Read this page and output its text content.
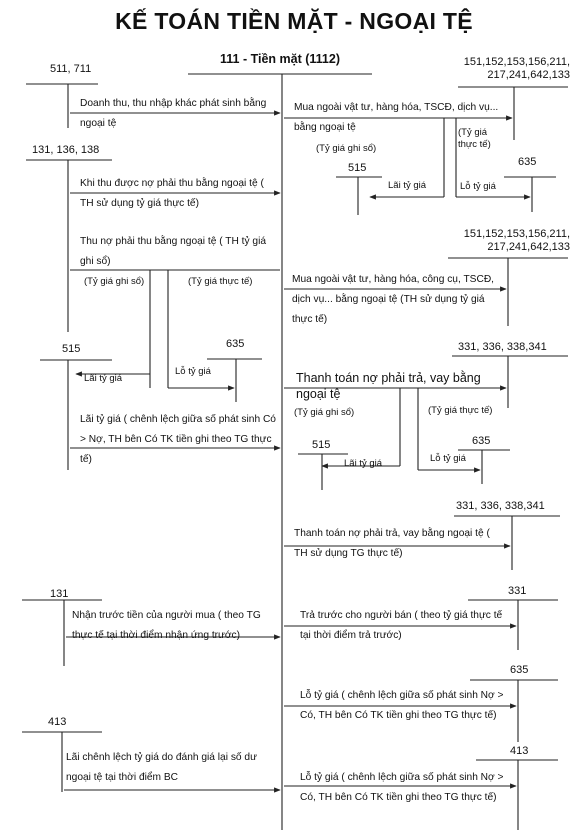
KẾ TOÁN TIỀN MẶT - NGOẠI TỆ
111 - Tiền mặt (1112)
511, 711

Doanh thu, thu nhập khác phát sinh bằng ngoại tệ

131, 136, 138

Khi thu được nợ phải thu bằng ngoại tệ ( TH sử dụng tỷ giá thực tế)

Thu nợ phải thu bằng ngoại tệ ( TH tỷ giá ghi sổ)

(Tỷ giá ghi sổ)	(Tỷ giá thực tế)
515	635
Lãi tỷ giá
Lỗ tỷ giá

Lãi tỷ giá ( chênh lệch giữa số phát sinh Có > Nợ, TH bên Có TK tiền ghi theo TG thực tế)

131

Nhận trước tiền của người mua ( theo TG thực tế tại thời điểm nhận ứng trước)

413

Lãi chênh lệch tỷ giá do đánh giá lại số dư ngoại tệ tại thời điểm BC

151,152,153,156,211, 217,241,642,133

Mua ngoài vật tư, hàng hóa, TSCĐ, dịch vụ... bằng ngoại tệ	(Tỷ giá thực tế)
(Tỷ giá ghi sổ)
515	635
Lãi tỷ giá	Lỗ tỷ giá
151,152,153,156,211, 217,241,642,133

Mua ngoài vật tư, hàng hóa, công cụ, TSCĐ, dịch vụ... bằng ngoại tệ (TH sử dụng tỷ giá thực tế)

331, 336, 338,341

Thanh toán nợ phải trả, vay bằng ngoại tệ

(Tỷ giá ghi sổ)	(Tỷ giá thực tế)
515	635
Lãi tỷ giá	Lỗ tỷ giá
331, 336, 338,341

Thanh toán nợ phải trả, vay bằng ngoại tệ ( TH sử dụng TG thực tế)

331

Trả trước cho người bán ( theo tỷ giá thực tế tại thời điểm trả trước)

635

Lỗ tỷ giá ( chênh lệch giữa số phát sinh Nợ > Có, TH bên Có TK tiền ghi theo TG thực tế)

413

Lỗ tỷ giá ( chênh lệch giữa số phát sinh Nợ > Có, TH bên Có TK tiền ghi theo TG thực tế)
